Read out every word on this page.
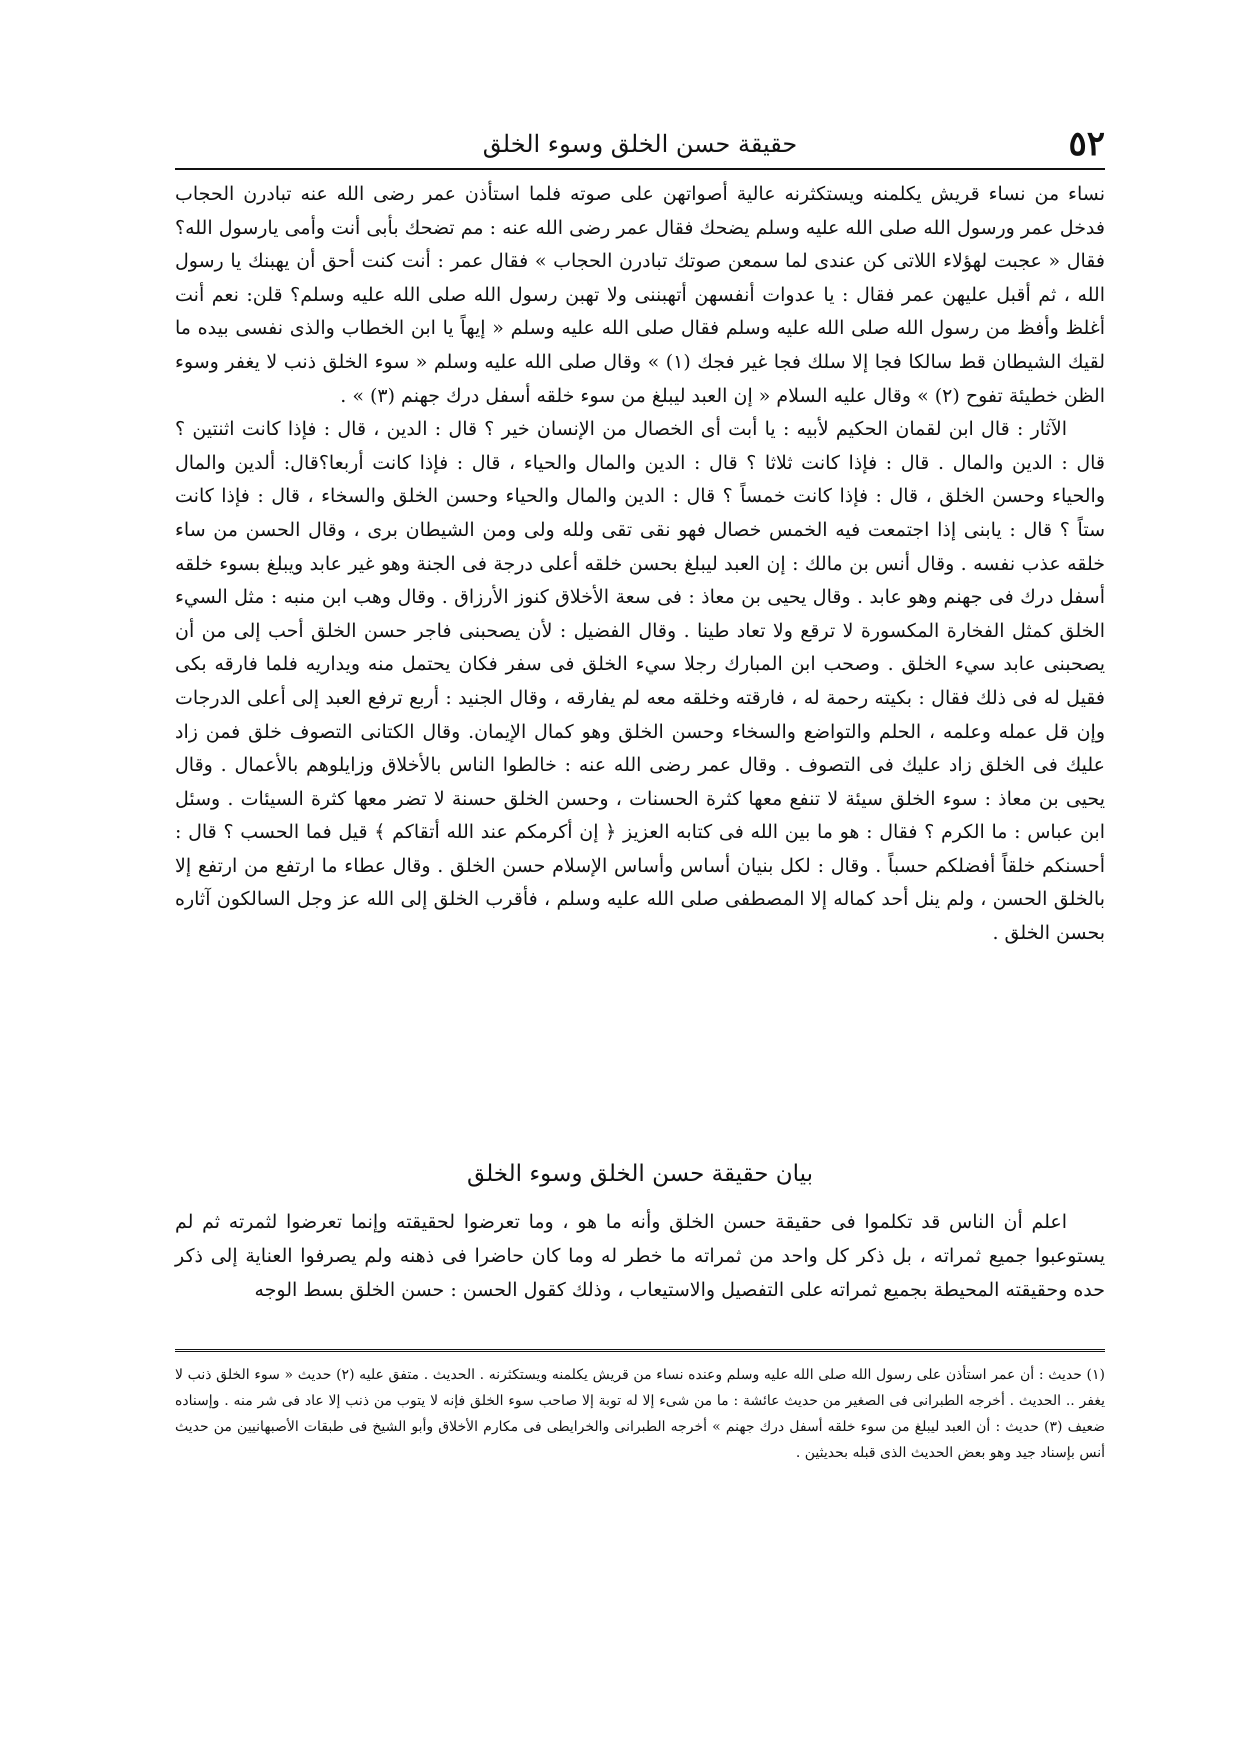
٥٢
حقيقة حسن الخلق وسوء الخلق

نساء من نساء قريش يكلمنه ويستكثرنه عالية أصواتهن على صوته فلما استأذن عمر رضى الله عنه تبادرن الحجاب فدخل عمر ورسول الله صلى الله عليه وسلم يضحك فقال عمر رضى الله عنه : مم تضحك بأبى أنت وأمى يارسول الله؟ فقال « عجبت لهؤلاء اللاتى كن عندى لما سمعن صوتك تبادرن الحجاب » فقال عمر : أنت كنت أحق أن يهبنك يا رسول الله ، ثم أقبل عليهن عمر فقال : يا عدوات أنفسهن أتهبننى ولا تهبن رسول الله صلى الله عليه وسلم؟ قلن: نعم أنت أغلظ وأفظ من رسول الله صلى الله عليه وسلم فقال صلى الله عليه وسلم « إيهاً يا ابن الخطاب والذى نفسى بيده ما لقيك الشيطان قط سالكا فجا إلا سلك فجا غير فجك (١) » وقال صلى الله عليه وسلم « سوء الخلق ذنب لا يغفر وسوء الظن خطيئة تفوح (٢) » وقال عليه السلام « إن العبد ليبلغ من سوء خلقه أسفل درك جهنم (٣) » .

الآثار : قال ابن لقمان الحكيم لأبيه : يا أبت أى الخصال من الإنسان خير ؟ قال : الدين ، قال : فإذا كانت اثنتين ؟ قال : الدين والمال . قال : فإذا كانت ثلاثا ؟ قال : الدين والمال والحياء ، قال : فإذا كانت أربعا؟قال: ألدين والمال والحياء وحسن الخلق ، قال : فإذا كانت خمساً ؟ قال : الدين والمال والحياء وحسن الخلق والسخاء ، قال : فإذا كانت ستاً ؟ قال : يابنى إذا اجتمعت فيه الخمس خصال فهو نقى تقى ولله ولى ومن الشيطان برى ، وقال الحسن من ساء خلقه عذب نفسه . وقال أنس بن مالك : إن العبد ليبلغ بحسن خلقه أعلى درجة فى الجنة وهو غير عابد ويبلغ بسوء خلقه أسفل درك فى جهنم وهو عابد . وقال يحيى بن معاذ : فى سعة الأخلاق كنوز الأرزاق . وقال وهب ابن منبه : مثل السيء الخلق كمثل الفخارة المكسورة لا ترقع ولا تعاد طينا . وقال الفضيل : لأن يصحبنى فاجر حسن الخلق أحب إلى من أن يصحبنى عابد سيء الخلق . وصحب ابن المبارك رجلا سيء الخلق فى سفر فكان يحتمل منه ويداريه فلما فارقه بكى فقيل له فى ذلك فقال : بكيته رحمة له ، فارقته وخلقه معه لم يفارقه ، وقال الجنيد : أربع ترفع العبد إلى أعلى الدرجات وإن قل عمله وعلمه ، الحلم والتواضع والسخاء وحسن الخلق وهو كمال الإيمان. وقال الكتانى التصوف خلق فمن زاد عليك فى الخلق زاد عليك فى التصوف . وقال عمر رضى الله عنه : خالطوا الناس بالأخلاق وزايلوهم بالأعمال . وقال يحيى بن معاذ : سوء الخلق سيئة لا تنفع معها كثرة الحسنات ، وحسن الخلق حسنة لا تضر معها كثرة السيئات . وسئل ابن عباس : ما الكرم ؟ فقال : هو ما بين الله فى كتابه العزيز ﴿ إن أكرمكم عند الله أتقاكم ﴾ قيل فما الحسب ؟ قال : أحسنكم خلقاً أفضلكم حسباً . وقال : لكل بنيان أساس وأساس الإسلام حسن الخلق . وقال عطاء ما ارتفع من ارتفع إلا بالخلق الحسن ، ولم ينل أحد كماله إلا المصطفى صلى الله عليه وسلم ، فأقرب الخلق إلى الله عز وجل السالكون آثاره بحسن الخلق .

بيان حقيقة حسن الخلق وسوء الخلق

اعلم أن الناس قد تكلموا فى حقيقة حسن الخلق وأنه ما هو ، وما تعرضوا لحقيقته وإنما تعرضوا لثمرته ثم لم يستوعبوا جميع ثمراته ، بل ذكر كل واحد من ثمراته ما خطر له وما كان حاضرا فى ذهنه ولم يصرفوا العناية إلى ذكر حده وحقيقته المحيطة بجميع ثمراته على التفصيل والاستيعاب ، وذلك كقول الحسن : حسن الخلق بسط الوجه

(١) حديث : أن عمر استأذن على رسول الله صلى الله عليه وسلم وعنده نساء من قريش يكلمنه ويستكثرنه . الحديث . متفق عليه (٢) حديث « سوء الخلق ذنب لا يغفر .. الحديث . أخرجه الطبرانى فى الصغير من حديث عائشة : ما من شىء إلا له توبة إلا صاحب سوء الخلق فإنه لا يتوب من ذنب إلا عاد فى شر منه . وإسناده ضعيف (٣) حديث : أن العبد ليبلغ من سوء خلقه أسفل درك جهنم » أخرجه الطبرانى والخرايطى فى مكارم الأخلاق وأبو الشيخ فى طبقات الأصبهانيين من حديث أنس بإسناد جيد وهو بعض الحديث الذى قبله بحديثين .
